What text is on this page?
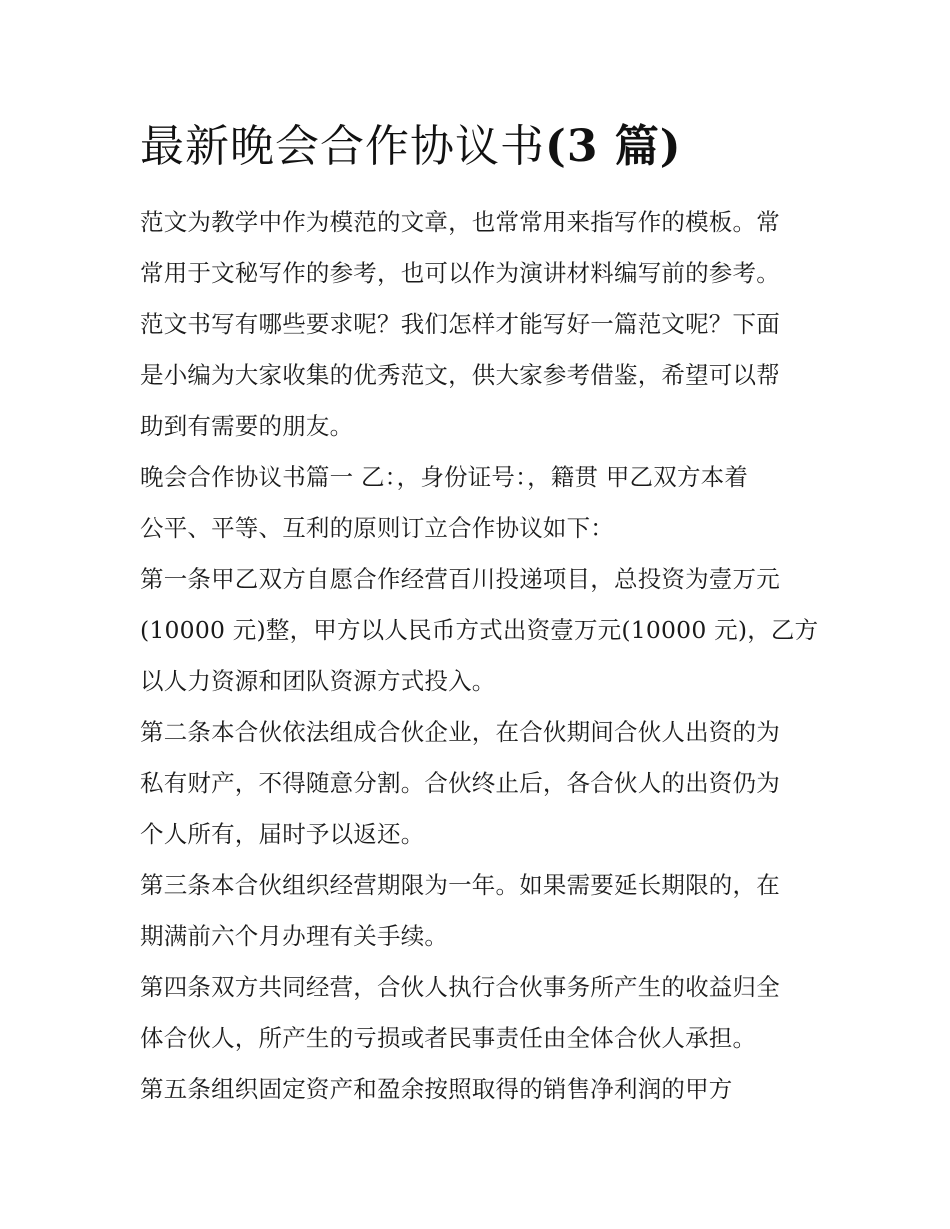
最新晚会合作协议书(3 篇)
范文为教学中作为模范的文章，也常常用来指写作的模板。常
常用于文秘写作的参考，也可以作为演讲材料编写前的参考。
范文书写有哪些要求呢？我们怎样才能写好一篇范文呢？下面
是小编为大家收集的优秀范文，供大家参考借鉴，希望可以帮
助到有需要的朋友。
晚会合作协议书篇一 乙：，身份证号：，籍贯 甲乙双方本着
公平、平等、互利的原则订立合作协议如下：
第一条甲乙双方自愿合作经营百川投递项目，总投资为壹万元
(10000 元)整，甲方以人民币方式出资壹万元(10000 元)，乙方
以人力资源和团队资源方式投入。
第二条本合伙依法组成合伙企业，在合伙期间合伙人出资的为
私有财产，不得随意分割。合伙终止后，各合伙人的出资仍为
个人所有，届时予以返还。
第三条本合伙组织经营期限为一年。如果需要延长期限的，在
期满前六个月办理有关手续。
第四条双方共同经营，合伙人执行合伙事务所产生的收益归全
体合伙人，所产生的亏损或者民事责任由全体合伙人承担。
第五条组织固定资产和盈余按照取得的销售净利润的甲方
